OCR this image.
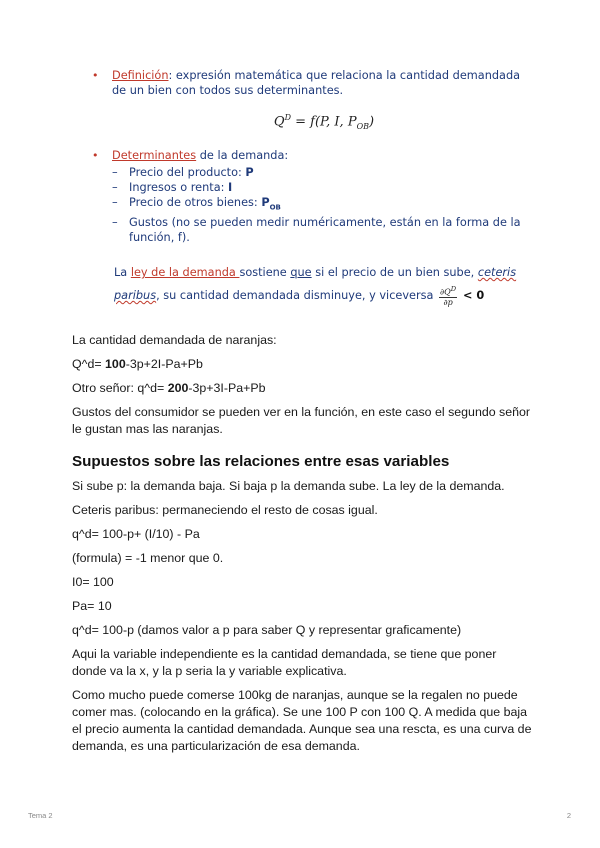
• Definición: expresión matemática que relaciona la cantidad demandada de un bien con todos sus determinantes.
$Q^D = f(P$, I, $P_{OB}$)
• Determinantes de la demanda:
– Precio del producto: P
– Ingresos o renta: I
– Precio de otros bienes: $P_{OB}$
– Gustos (no se pueden medir numéricamente, están en la forma de la función, f).
La ley de la demanda sostiene que si el precio de un bien sube, ceteris paribus, su cantidad demandada disminuye, y viceversa $\frac{\partial Q^D}{\partial p} < 0$

La cantidad demandada de naranjas:

Q^d= 100-3p+2I-Pa+Pb

Otro señor: q^d= 200-3p+3I-Pa+Pb

Gustos del consumidor se pueden ver en la función, en este caso el segundo señor le gustan mas las naranjas.

Supuestos sobre las relaciones entre esas variables

Si sube p: la demanda baja. Si baja p la demanda sube. La ley de la demanda.

Ceteris paribus: permaneciendo el resto de cosas igual.

q^d= 100-p+ (I/10) - Pa

(formula) = -1 menor que 0.

I0= 100

Pa= 10

q^d= 100-p (damos valor a p para saber Q y representar graficamente)

Aqui la variable independiente es la cantidad demandada, se tiene que poner donde va la x, y la p seria la y variable explicativa.

Como mucho puede comerse 100kg de naranjas, aunque se la regalen no puede comer mas. (colocando en la gráfica). Se une 100 P con 100 Q. A medida que baja el precio aumenta la cantidad demandada. Aunque sea una rescta, es una curva de demanda, es una particularización de esa demanda.

Tema 2	2
